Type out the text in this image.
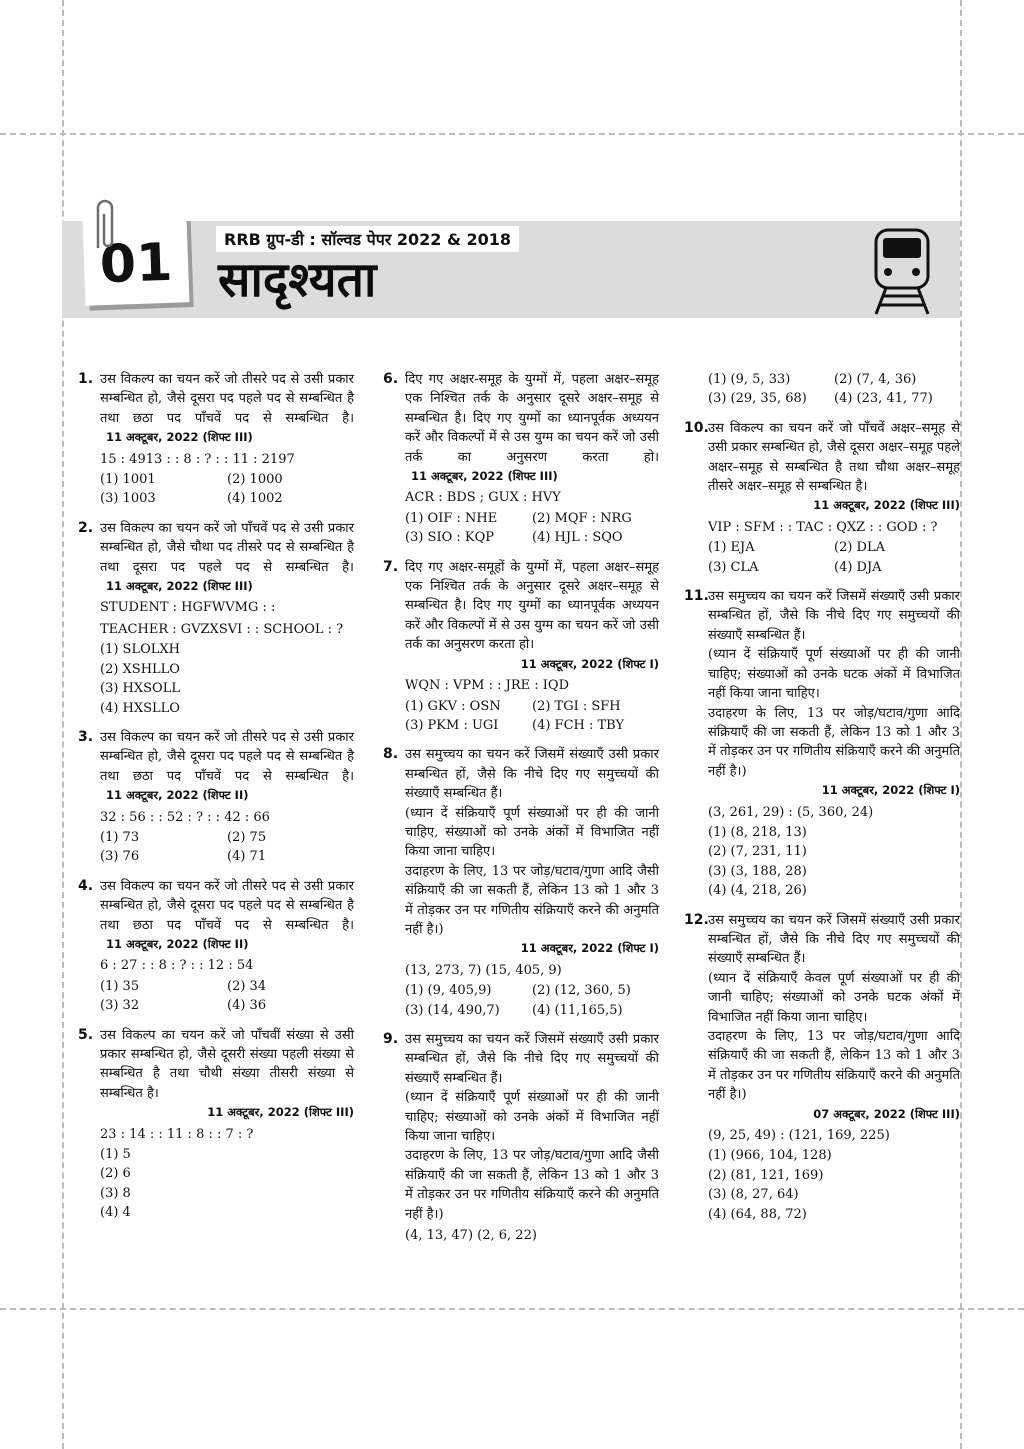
01	RRB ग्रुप-डी : सॉल्वड पेपर 2022 & 2018
सादृश्यता
1. उस विकल्प का चयन करें जो तीसरे पद से उसी प्रकार सम्बन्धित हो, जैसे दूसरा पद पहले पद से सम्बन्धित है तथा छठा पद पाँचवें पद से सम्बन्धित है।11 अक्टूबर, 2022 (शिफ्ट III)
15 : 4913 : : 8 : ? : : 11 : 2197
(1) 1001	(2) 1000
(3) 1003	(4) 1002
2. उस विकल्प का चयन करें जो पाँचवें पद से उसी प्रकार सम्बन्धित हो, जैसे चौथा पद तीसरे पद से सम्बन्धित है तथा दूसरा पद पहले पद से सम्बन्धित है।11 अक्टूबर, 2022 (शिफ्ट III)
STUDENT : HGFWVMG : :
TEACHER : GVZXSVI : : SCHOOL : ?
(1) SLOLXH
(2) XSHLLO
(3) HXSOLL
(4) HXSLLO
3. उस विकल्प का चयन करें जो तीसरे पद से उसी प्रकार सम्बन्धित हो, जैसे दूसरा पद पहले पद से सम्बन्धित है तथा छठा पद पाँचवें पद से सम्बन्धित है।11 अक्टूबर, 2022 (शिफ्ट II)
32 : 56 : : 52 : ? : : 42 : 66
(1) 73	(2) 75
(3) 76	(4) 71
4. उस विकल्प का चयन करें जो तीसरे पद से उसी प्रकार सम्बन्धित हो, जैसे दूसरा पद पहले पद से सम्बन्धित है तथा छठा पद पाँचवें पद से सम्बन्धित है।11 अक्टूबर, 2022 (शिफ्ट II)
6 : 27 : : 8 : ? : : 12 : 54
(1) 35	(2) 34
(3) 32	(4) 36
5. उस विकल्प का चयन करें जो पाँचवीं संख्या से उसी प्रकार सम्बन्धित हो, जैसे दूसरी संख्या पहली संख्या से सम्बन्धित है तथा चौथी संख्या तीसरी संख्या से सम्बन्धित है।
11 अक्टूबर, 2022 (शिफ्ट III)
23 : 14 : : 11 : 8 : : 7 : ?
(1) 5
(2) 6
(3) 8
(4) 4
6. दिए गए अक्षर-समूह के युग्मों में, पहला अक्षर–समूह एक निश्चित तर्क के अनुसार दूसरे अक्षर–समूह से सम्बन्धित है। दिए गए युग्मों का ध्यानपूर्वक अध्ययन करें और विकल्पों में से उस युग्म का चयन करें जो उसी तर्क का अनुसरण करता हो।11 अक्टूबर, 2022 (शिफ्ट III)
ACR : BDS ; GUX : HVY
(1) OIF : NHE	(2) MQF : NRG
(3) SIO : KQP	(4) HJL : SQO
7. दिए गए अक्षर-समूहों के युग्मों में, पहला अक्षर–समूह एक निश्चित तर्क के अनुसार दूसरे अक्षर–समूह से सम्बन्धित है। दिए गए युग्मों का ध्यानपूर्वक अध्ययन करें और विकल्पों में से उस युग्म का चयन करें जो उसी तर्क का अनुसरण करता हो।
11 अक्टूबर, 2022 (शिफ्ट I)
WQN : VPM : : JRE : IQD
(1) GKV : OSN	(2) TGI : SFH
(3) PKM : UGI	(4) FCH : TBY
8. उस समुच्चय का चयन करें जिसमें संख्याएँ उसी प्रकार सम्बन्धित हों, जैसे कि नीचे दिए गए समुच्चयों की संख्याएँ सम्बन्धित हैं।
(ध्यान दें संक्रियाएँ पूर्ण संख्याओं पर ही की जानी चाहिए, संख्याओं को उनके अंकों में विभाजित नहीं किया जाना चाहिए।
उदाहरण के लिए, 13 पर जोड़/घटाव/गुणा आदि जैसी संक्रियाएँ की जा सकती हैं, लेकिन 13 को 1 और 3 में तोड़कर उन पर गणितीय संक्रियाएँ करने की अनुमति नहीं है।)
11 अक्टूबर, 2022 (शिफ्ट I)
(13, 273, 7) (15, 405, 9)
(1) (9, 405,9)	(2) (12, 360, 5)
(3) (14, 490,7)	(4) (11,165,5)
9. उस समुच्चय का चयन करें जिसमें संख्याएँ उसी प्रकार सम्बन्धित हों, जैसे कि नीचे दिए गए समुच्चयों की संख्याएँ सम्बन्धित हैं।
(ध्यान दें संक्रियाएँ पूर्ण संख्याओं पर ही की जानी चाहिए; संख्याओं को उनके अंकों में विभाजित नहीं किया जाना चाहिए।
उदाहरण के लिए, 13 पर जोड़/घटाव/गुणा आदि जैसी संक्रियाएँ की जा सकती हैं, लेकिन 13 को 1 और 3 में तोड़कर उन पर गणितीय संक्रियाएँ करने की अनुमति नहीं है।)
(4, 13, 47) (2, 6, 22)
(1) (9, 5, 33)	(2) (7, 4, 36)
(3) (29, 35, 68)	(4) (23, 41, 77)
10. उस विकल्प का चयन करें जो पाँचवें अक्षर–समूह से उसी प्रकार सम्बन्धित हो, जैसे दूसरा अक्षर–समूह पहले अक्षर–समूह से सम्बन्धित है तथा चौथा अक्षर–समूह तीसरे अक्षर–समूह से सम्बन्धित है।
11 अक्टूबर, 2022 (शिफ्ट III)
VIP : SFM : : TAC : QXZ : : GOD : ?
(1) EJA	(2) DLA
(3) CLA	(4) DJA
11. उस समुच्चय का चयन करें जिसमें संख्याएँ उसी प्रकार सम्बन्धित हों, जैसे कि नीचे दिए गए समुच्चयों की संख्याएँ सम्बन्धित हैं।
(ध्यान दें संक्रियाएँ पूर्ण संख्याओं पर ही की जानी चाहिए; संख्याओं को उनके घटक अंकों में विभाजित नहीं किया जाना चाहिए।
उदाहरण के लिए, 13 पर जोड़/घटाव/गुणा आदि संक्रियाएँ की जा सकती हैं, लेकिन 13 को 1 और 3 में तोड़कर उन पर गणितीय संक्रियाएँ करने की अनुमति नहीं है।)
11 अक्टूबर, 2022 (शिफ्ट I)
(3, 261, 29) : (5, 360, 24)
(1) (8, 218, 13)
(2) (7, 231, 11)
(3) (3, 188, 28)
(4) (4, 218, 26)
12. उस समुच्चय का चयन करें जिसमें संख्याएँ उसी प्रकार सम्बन्धित हों, जैसे कि नीचे दिए गए समुच्चयों की संख्याएँ सम्बन्धित हैं।
(ध्यान दें संक्रियाएँ केवल पूर्ण संख्याओं पर ही की जानी चाहिए; संख्याओं को उनके घटक अंकों में विभाजित नहीं किया जाना चाहिए।
उदाहरण के लिए, 13 पर जोड़/घटाव/गुणा आदि संक्रियाएँ की जा सकती हैं, लेकिन 13 को 1 और 3 में तोड़कर उन पर गणितीय संक्रियाएँ करने की अनुमति नहीं है।)
07 अक्टूबर, 2022 (शिफ्ट III)
(9, 25, 49) : (121, 169, 225)
(1) (966, 104, 128)
(2) (81, 121, 169)
(3) (8, 27, 64)
(4) (64, 88, 72)
